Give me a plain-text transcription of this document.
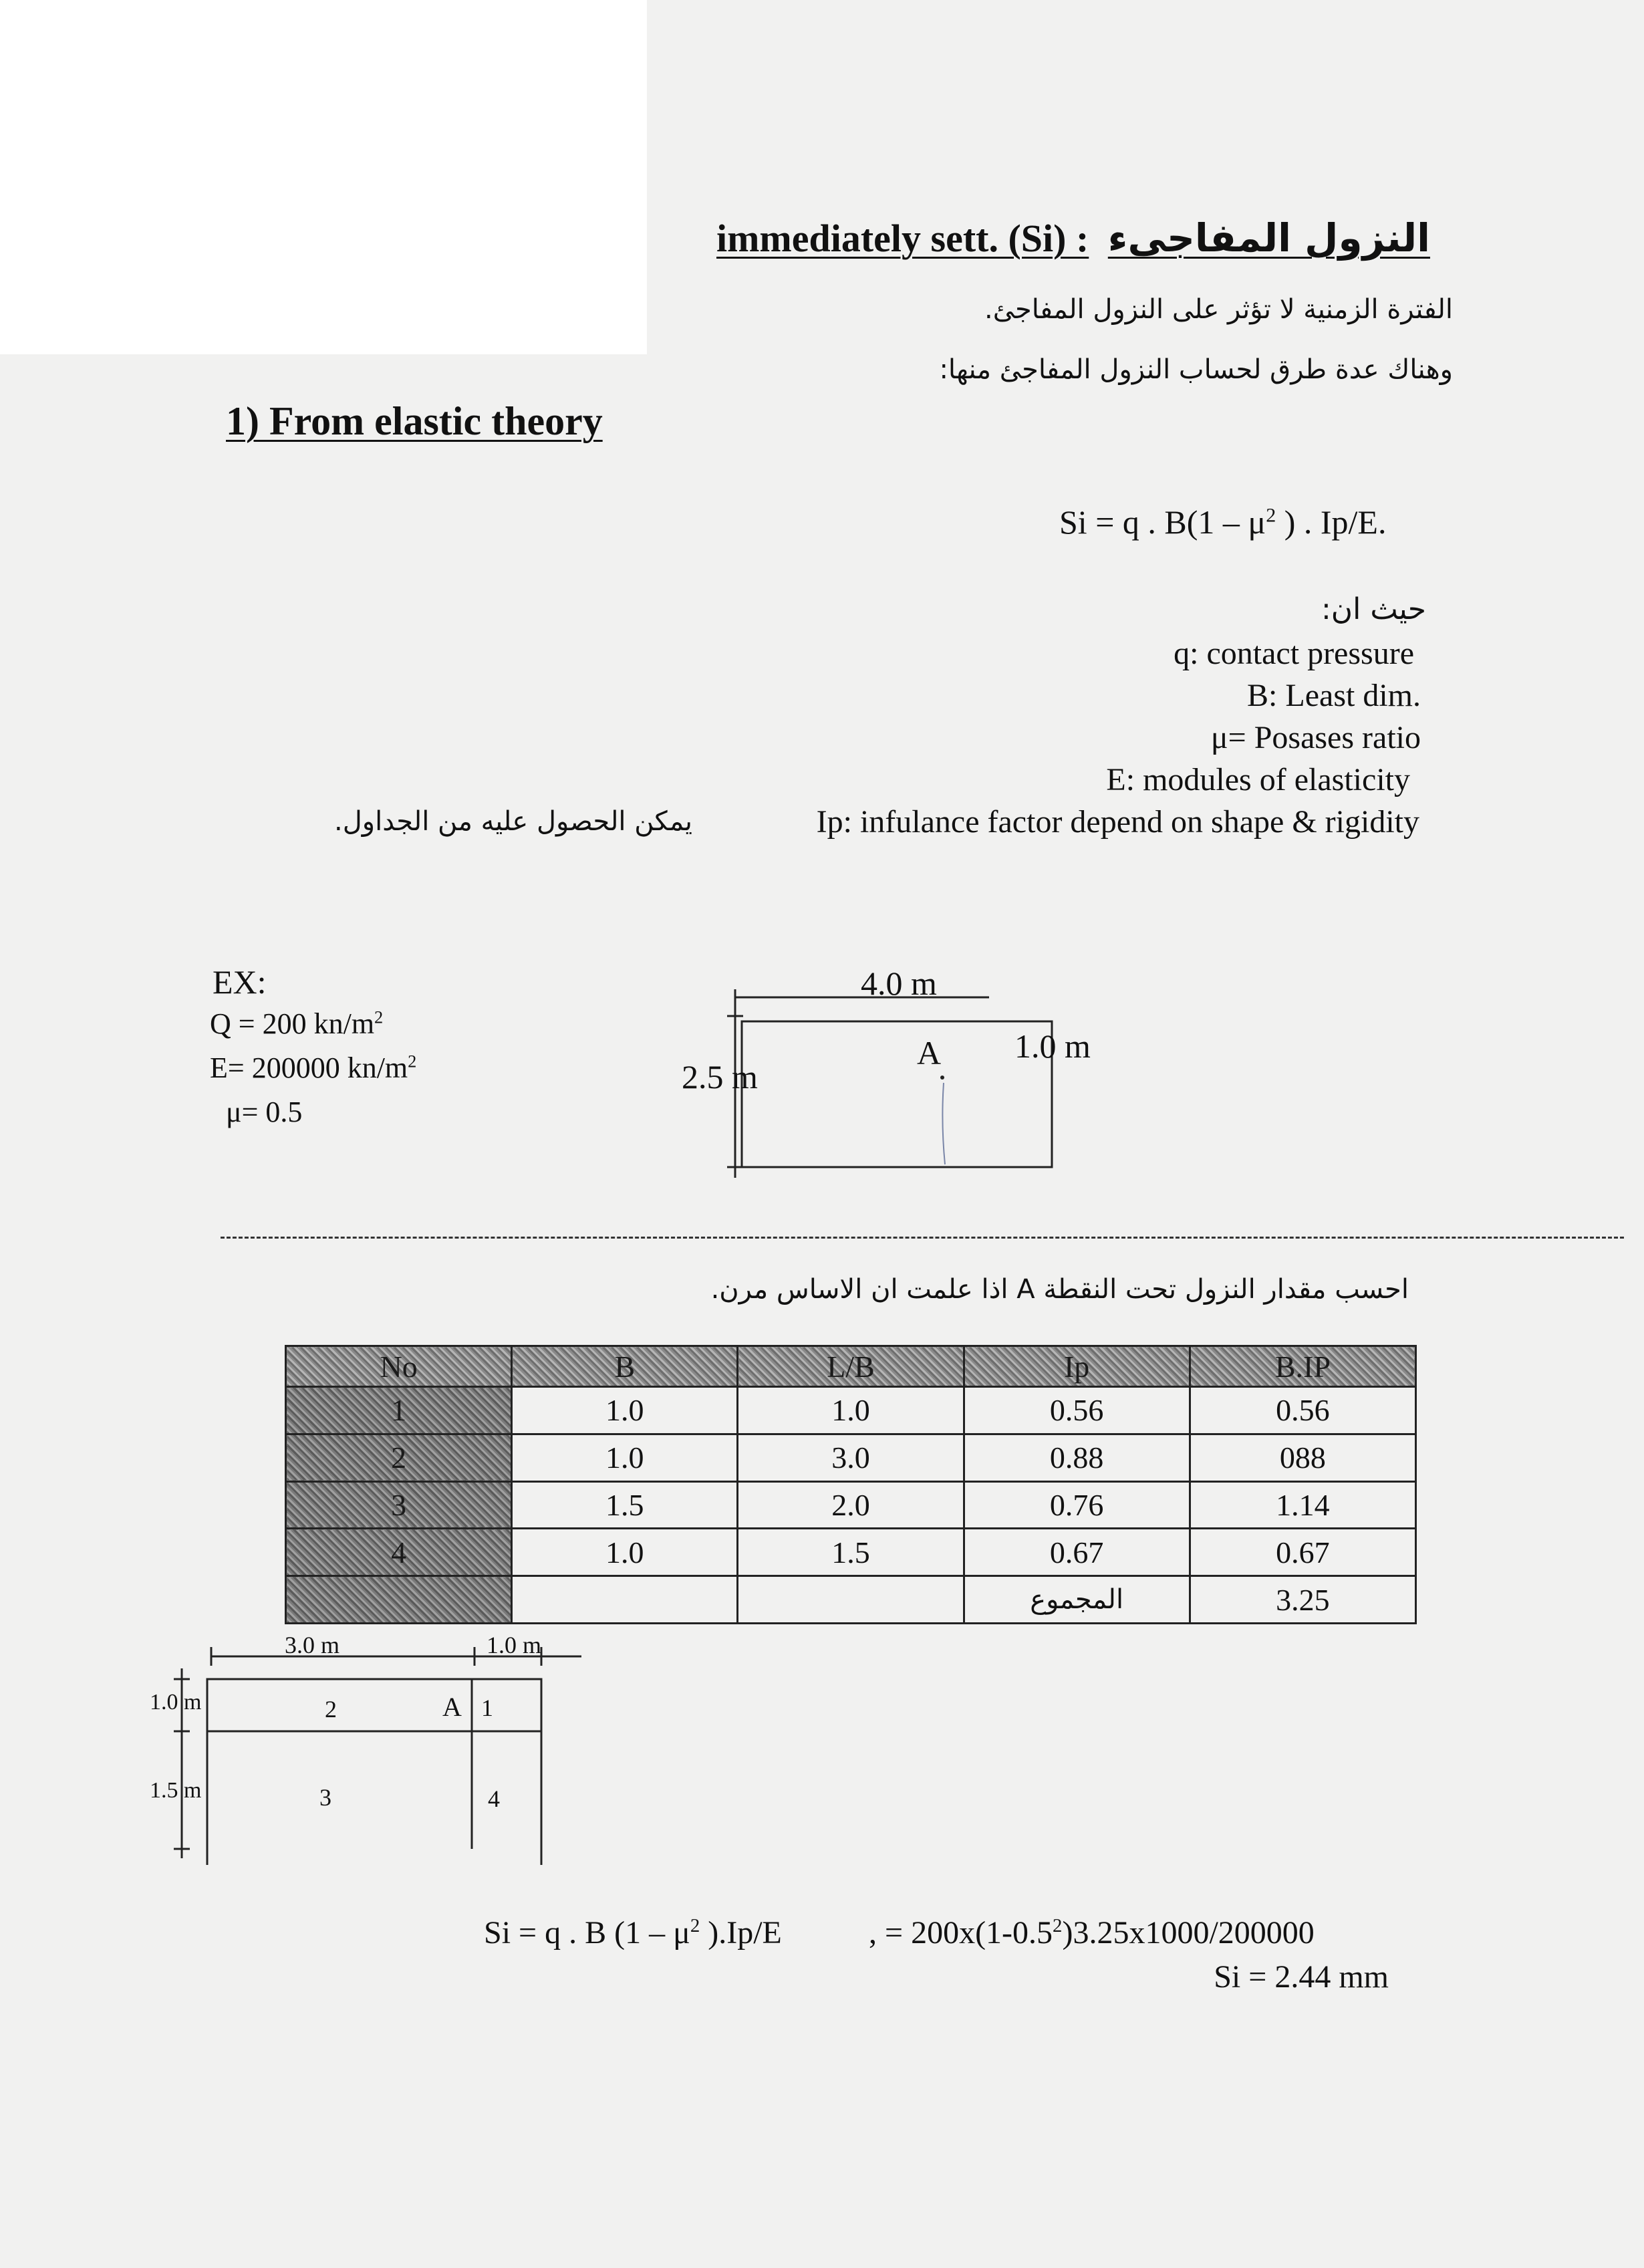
immediately sett. (Si) : النزول المفاجىء
الفترة الزمنية لا تؤثر على النزول المفاجئ.
وهناك عدة طرق لحساب النزول المفاجئ منها:
1) From elastic theory
Si = q . $B(1 - \mu^2$ ) . Ip/E.
حيث ان:
q: contact pressure
B: Least dim.
μ= Posases ratio
E: modules of elasticity
Ip: infulance factor depend on shape & rigidity
يمكن الحصول عليه من الجداول.
EX:
Q = 200 $kn/m^2$
E= 200000 $kn/m^2$
μ= 0.5
4.0 m
2.5 m
1.0 m
A
احسب مقدار النزول تحت النقطة A اذا علمت ان الاساس مرن.
No	B	L/B	Ip	B.IP
1	1.0	1.0	0.56	0.56
2	1.0	3.0	0.88	088
3	1.5	2.0	0.76	1.14
4	1.0	1.5	0.67	0.67
			المجموع	3.25
3.0 m	1.0 m
1.0 m
1.5 m
A 1
2
3	4
Si = q . B ($1 - \mu^2$ ).Ip/E	, = $200x(1-0.5^2)3.25x1000/200000$
Si = 2.44 mm
